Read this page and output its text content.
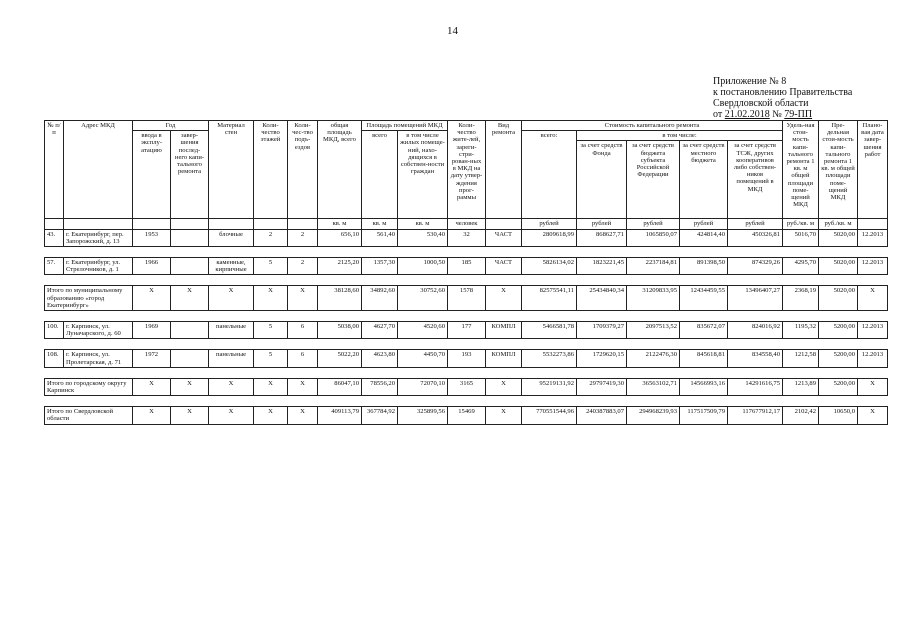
14
Приложение № 8
к постановлению Правительства
Свердловской области
от 21.02.2018 № 79-ПП
№ п/п	Адрес МКД	Год		Материал стен	Коли-чество этажей	Коли-чес-тво подъ-ездов	общая площадь МКД, всего	Площадь помещений МКД		Коли-чество жите-лей, зареги-стри-рован-ных в МКД на дату утвер-ждения прог-раммы	Вид ремонта	Стоимость капитального ремонта					Удель-ная стои-мость капи-тального ремонта 1 кв. м общей площади поме-щений МКД	Пре-дельная стои-мость капи-тального ремонта 1 кв. м общей площади поме-щений МКД	Плано-вая дата завер-шения работ
		ввода в эксплу-атацию	завер-шения послед-него капи-тального ремонта					всего	в том числе жилых помеще-ний, нахо-дящихся в собствен-ности граждан			всего:	в том числе:						
													за счет средств Фонда	за счет средств бюджета субъекта Российской Федерации	за счет средств местного бюджета	за счет средств ТСЖ, других кооперативов либо собствен-ников помещений в МКД			
							кв. м	кв. м	кв. м	человек		рублей	рублей	рублей	рублей	рублей	руб./кв. м	руб./кв. м	
43.	г. Екатеринбург, пер. Запорожский, д. 13	1953		блочные	2	2	656,10	561,40	530,40	32	ЧАСТ	2809618,99	868627,71	1065850,07	424814,40	450326,81	5016,70	5020,00	12.2013

57.	г. Екатеринбург, ул. Стрелочников, д. 1	1966		каменные, кирпичные	5	2	2125,20	1357,30	1000,50	185	ЧАСТ	5826134,02	1823221,45	2237184,81	891398,50	874329,26	4295,70	5020,00	12.2013

Итого по муниципальному образованию «город Екатеринбург»		Х	Х	Х	Х	Х	38128,60	34892,60	30752,60	1578	Х	82575541,11	25434840,34	31209833,95	12434459,55	13496407,27	2368,19	5020,00	Х

100.	г. Карпинск, ул. Луначарского, д. 60	1969		панельные	5	6	5038,00	4627,70	4520,60	177	КОМПЛ	5466581,78	1709379,27	2097513,52	835672,07	824016,92	1195,32	5200,00	12.2013

108.	г. Карпинск, ул. Пролетарская, д. 71	1972		панельные	5	6	5022,20	4623,80	4450,70	193	КОМПЛ	5532273,86	1729620,15	2122476,30	845618,81	834558,40	1212,58	5200,00	12.2013

Итого по городскому округу Карпинск		Х	Х	Х	Х	Х	86047,10	78556,20	72070,10	3165	Х	95219131,92	29797419,30	36563102,71	14566993,16	14291616,75	1213,89	5200,00	Х

Итого по Свердловской области		Х	Х	Х	Х	Х	409113,79	367784,92	325899,56	15469	Х	770551544,96	240387883,07	294968239,93	117517509,79	117677912,17	2102,42	10650,0	Х
